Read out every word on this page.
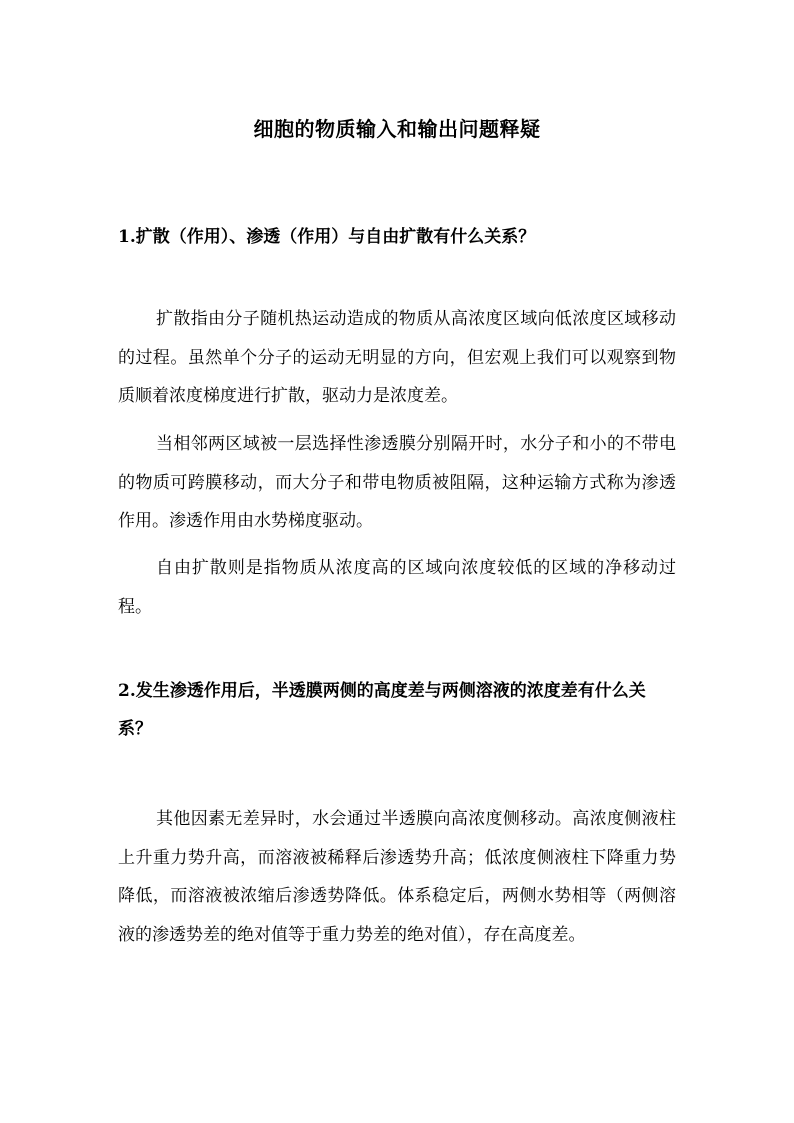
细胞的物质输入和输出问题释疑
1.扩散（作用）、渗透（作用）与自由扩散有什么关系？

扩散指由分子随机热运动造成的物质从高浓度区域向低浓度区域移动的过程。虽然单个分子的运动无明显的方向，但宏观上我们可以观察到物质顺着浓度梯度进行扩散，驱动力是浓度差。

当相邻两区域被一层选择性渗透膜分别隔开时，水分子和小的不带电的物质可跨膜移动，而大分子和带电物质被阻隔，这种运输方式称为渗透作用。渗透作用由水势梯度驱动。

自由扩散则是指物质从浓度高的区域向浓度较低的区域的净移动过程。

2.发生渗透作用后，半透膜两侧的高度差与两侧溶液的浓度差有什么关系？

其他因素无差异时，水会通过半透膜向高浓度侧移动。高浓度侧液柱上升重力势升高，而溶液被稀释后渗透势升高；低浓度侧液柱下降重力势降低，而溶液被浓缩后渗透势降低。体系稳定后，两侧水势相等（两侧溶液的渗透势差的绝对值等于重力势差的绝对值），存在高度差。
